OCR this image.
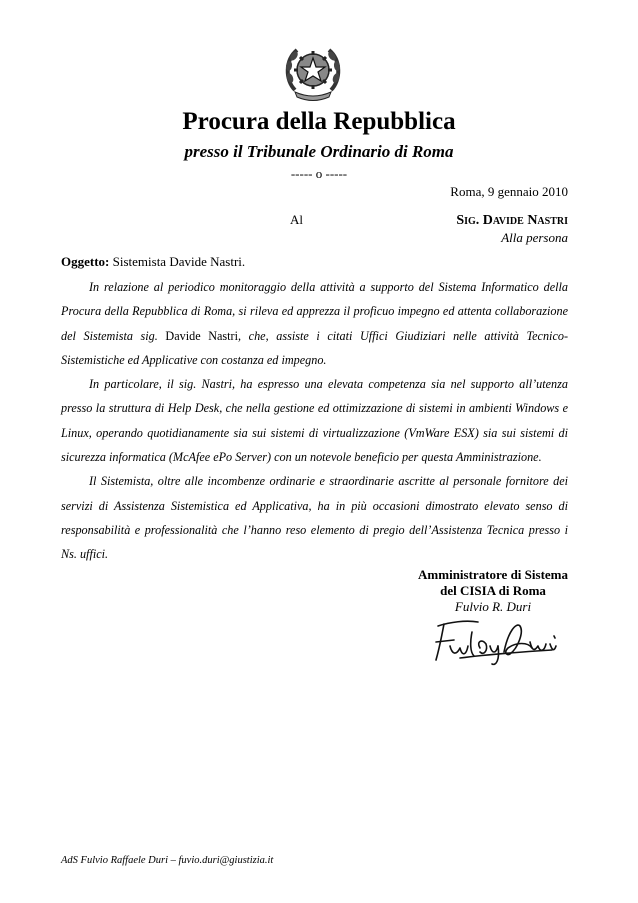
Procura della Repubblica
presso il Tribunale Ordinario di Roma
----- o -----
Roma, 9 gennaio 2010
Al	Sig. Davide Nastri
Alla persona
Oggetto: Sistemista Davide Nastri.

In relazione al periodico monitoraggio della attività a supporto del Sistema Informatico della Procura della Repubblica di Roma, si rileva ed apprezza il proficuo impegno ed attenta collaborazione del Sistemista sig. Davide Nastri, che, assiste i citati Uffici Giudiziari nelle attività Tecnico-Sistemistiche ed Applicative con costanza ed impegno.

In particolare, il sig. Nastri, ha espresso una elevata competenza sia nel supporto all’utenza presso la struttura di Help Desk, che nella gestione ed ottimizzazione di sistemi in ambienti Windows e Linux, operando quotidianamente sia sui sistemi di virtualizzazione (VmWare ESX) sia sui sistemi di sicurezza informatica (McAfee ePo Server) con un notevole beneficio per questa Amministrazione.

Il Sistemista, oltre alle incombenze ordinarie e straordinarie ascritte al personale fornitore dei servizi di Assistenza Sistemistica ed Applicativa, ha in più occasioni dimostrato elevato senso di responsabilità e professionalità che l’hanno reso elemento di pregio dell’Assistenza Tecnica presso i Ns. uffici.

Amministratore di Sistema
del CISIA di Roma
Fulvio R. Duri
AdS Fulvio Raffaele Duri – fuvio.duri@giustizia.it
